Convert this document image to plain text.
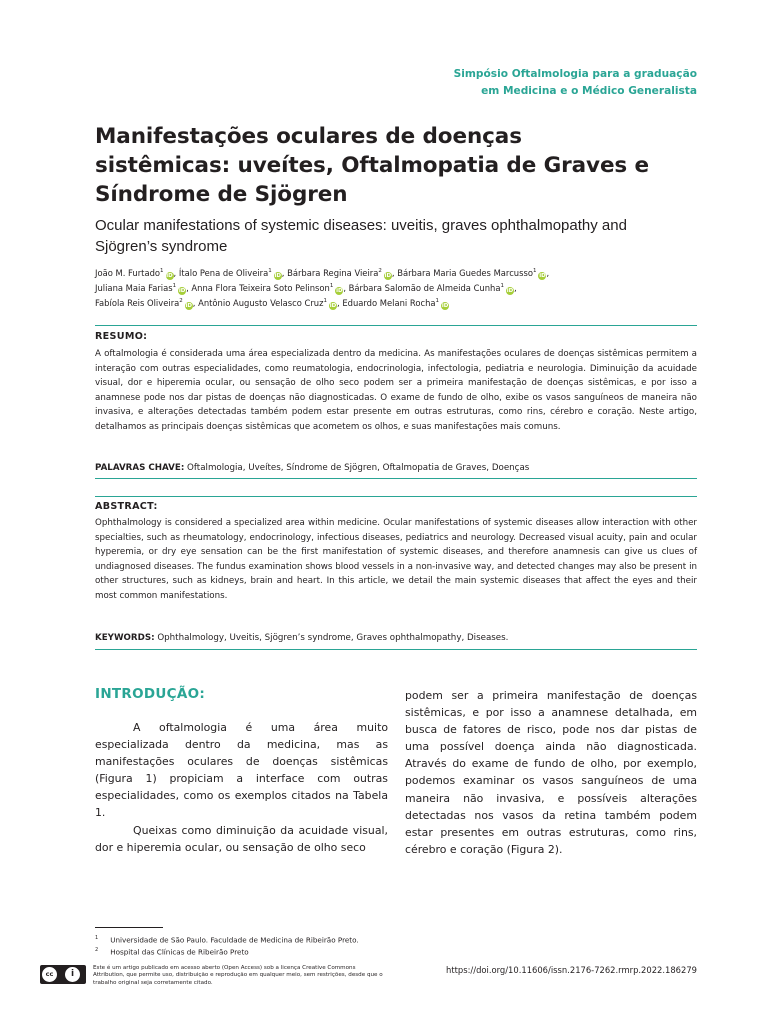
Simpósio Oftalmologia para a graduação
em Medicina e o Médico Generalista
Manifestações oculares de doenças sistêmicas: uveítes, Oftalmopatia de Graves e Síndrome de Sjögren
Ocular manifestations of systemic diseases: uveitis, graves ophthalmopathy and Sjögren’s syndrome
João M. Furtado$^1$iD, Ítalo Pena de Oliveira$^1$iD, Bárbara Regina Vieira$^2$iD, Bárbara Maria Guedes Marcusso$^1$iD,
Juliana Maia Farias$^1$iD, Anna Flora Teixeira Soto Pelinson$^1$iD, Bárbara Salomão de Almeida Cunha$^1$iD,
Fabíola Reis Oliveira$^2$iD, Antônio Augusto Velasco Cruz$^1$iD, Eduardo Melani Rocha$^1$iD
RESUMO:
A oftalmologia é considerada uma área especializada dentro da medicina. As manifestações oculares de doenças sistêmicas permitem a interação com outras especialidades, como reumatologia, endocrinologia, infectologia, pediatria e neurologia. Diminuição da acuidade visual, dor e hiperemia ocular, ou sensação de olho seco podem ser a primeira manifestação de doenças sistêmicas, e por isso a anamnese pode nos dar pistas de doenças não diagnosticadas. O exame de fundo de olho, exibe os vasos sanguíneos de maneira não invasiva, e alterações detectadas também podem estar presente em outras estruturas, como rins, cérebro e coração. Neste artigo, detalhamos as principais doenças sistêmicas que acometem os olhos, e suas manifestações mais comuns.
PALAVRAS CHAVE: Oftalmologia, Uveítes, Síndrome de Sjögren, Oftalmopatia de Graves, Doenças
ABSTRACT:
Ophthalmology is considered a specialized area within medicine. Ocular manifestations of systemic diseases allow interaction with other specialties, such as rheumatology, endocrinology, infectious diseases, pediatrics and neurology. Decreased visual acuity, pain and ocular hyperemia, or dry eye sensation can be the first manifestation of systemic diseases, and therefore anamnesis can give us clues of undiagnosed diseases. The fundus examination shows blood vessels in a non-invasive way, and detected changes may also be present in other structures, such as kidneys, brain and heart. In this article, we detail the main systemic diseases that affect the eyes and their most common manifestations.
KEYWORDS: Ophthalmology, Uveitis, Sjögren’s syndrome, Graves ophthalmopathy, Diseases.
INTRODUÇÃO:

A oftalmologia é uma área muito especializada dentro da medicina, mas as manifestações oculares de doenças sistêmicas (Figura 1) propiciam a interface com outras especialidades, como os exemplos citados na Tabela 1.

Queixas como diminuição da acuidade visual, dor e hiperemia ocular, ou sensação de olho seco

podem ser a primeira manifestação de doenças sistêmicas, e por isso a anamnese detalhada, em busca de fatores de risco, pode nos dar pistas de uma possível doença ainda não diagnosticada. Através do exame de fundo de olho, por exemplo, podemos examinar os vasos sanguíneos de uma maneira não invasiva, e possíveis alterações detectadas nos vasos da retina também podem estar presentes em outras estruturas, como rins, cérebro e coração (Figura 2).

$^1$ Universidade de São Paulo. Faculdade de Medicina de Ribeirão Preto.
$^2$ Hospital das Clínicas de Ribeirão Preto
cc	i
Este é um artigo publicado em acesso aberto (Open Access) sob a licença Creative Commons Attribution, que permite uso, distribuição e reprodução em qualquer meio, sem restrições, desde que o trabalho original seja corretamente citado.
https://doi.org/10.11606/issn.2176-7262.rmrp.2022.186279
